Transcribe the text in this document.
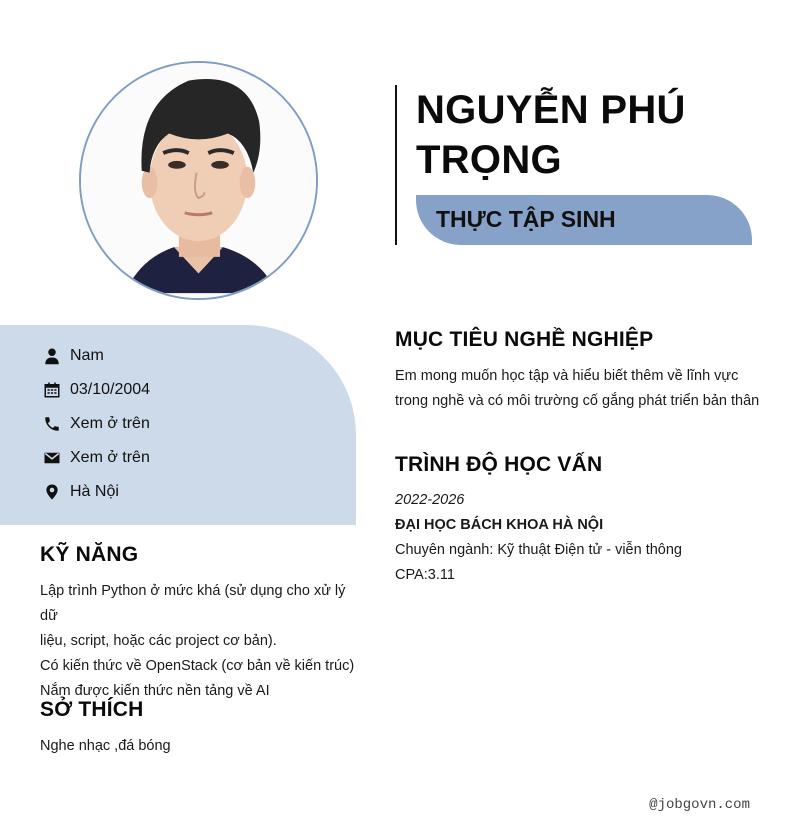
NGUYỄN PHÚ
TRỌNG
THỰC TẬP SINH
Nam
03/10/2004
Xem ở trên
Xem ở trên
Hà Nội
KỸ NĂNG
Lập trình Python ở mức khá (sử dụng cho xử lý dữ
liệu, script, hoặc các project cơ bản).
Có kiến thức về OpenStack (cơ bản về kiến trúc)
Nắm được kiến thức nền tảng về AI
SỞ THÍCH
Nghe nhạc ,đá bóng
MỤC TIÊU NGHỀ NGHIỆP
Em mong muốn học tập và hiểu biết thêm về lĩnh vực
trong nghề và có môi trường cố gắng phát triển bản thân
TRÌNH ĐỘ HỌC VẤN
2022-2026
ĐẠI HỌC BÁCH KHOA HÀ NỘI
Chuyên ngành: Kỹ thuật Điện tử - viễn thông
CPA:3.11
@jobgovn.com
